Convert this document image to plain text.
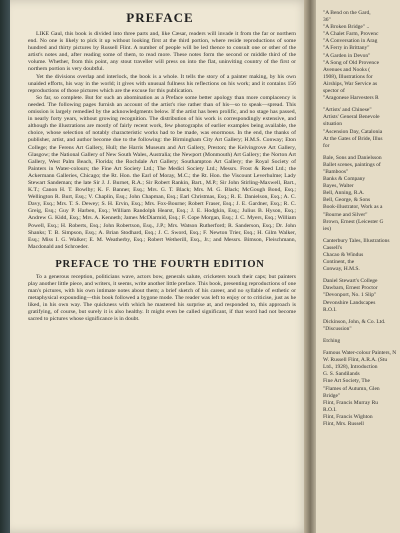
PREFACE
LIKE Gaul, this book is divided into three parts and, like Cæsar, readers will invade it from the far or northern end. No one is likely to pick it up without looking first at the third portion, where reside reproductions of some hundred and thirty pictures by Russell Flint. A number of people will be led thence to consult one or other of the artist's notes and, after reading some of them, to read more. These notes form the second or middle third of the volume. Whether, from this point, any stout traveller will press on into the flat, uninviting country of the first or northern portion is very doubtful.
Yet the divisions overlap and interlock, the book is a whole. It tells the story of a painter making, by his own unaided efforts, his way in the world; it gives with unusual fullness his reflections on his work; and it contains 156 reproductions of those pictures which are the excuse for this publication.
So far, so complete. But for such an abomination as a Preface some better apology than more complacency is needed. The following pages furnish an account of the artist's rise rather than of his—so to speak—spread. This omission is largely remedied by the acknowledgments below. If the artist has been prolific, and no stage has passed, in nearly forty years, without growing recognition. The distribution of his work is correspondingly extensive, and although the illustrations are mostly of fairly recent work, few photographs of earlier examples being available, the choice, whose selection of notably characteristic works had to be made, was enormous. In the end, the thanks of publisher, artist, and author become due to the following: the Birmingham City Art Gallery; H.M.S. Conway; Eton College; the Ferens Art Gallery, Hull; the Harris Museum and Art Gallery, Preston; the Kelvingrove Art Gallery, Glasgow; the National Gallery of New South Wales, Australia; the Newport (Monmouth) Art Gallery; the Norton Art Gallery, West Palm Beach, Florida; the Rochdale Art Gallery; Southampton Art Gallery; the Royal Society of Painters in Water-colours; the Fine Art Society Ltd.; The Medici Society Ltd.; Messrs. Frost & Reed Ltd.; the Ackermann Galleries, Chicago; the Rt. Hon. the Earl of Moray, M.C.; the Rt. Hon. the Viscount Leverhulme; Lady Stewart Sandeman; the late Sir J. J. Burnet, R.A.; Sir Robert Rankin, Bart., M.P.; Sir John Stirling-Maxwell, Bart., K.T.; Canon H. T. Bowlby; K. F. Banner, Esq.; Mrs. G. T. Black; Mrs. M. G. Black; McGough Bond, Esq.; Wellington R. Burt, Esq.; V. Chaplin, Esq.; John Chapman, Esq.; Earl Christmas, Esq.; R. E. Danielson, Esq.; A. C. Davy, Esq.; Mrs. T. S. Dewey; S. H. Ervin, Esq.; Mrs. Fox-Bourne; Robert Fraser, Esq.; J. E. Gardner, Esq.; R. C. Greig, Esq.; Guy P. Harben, Esq.; William Randolph Hearst, Esq.; J. E. Hodgkin, Esq.; Julius B. Hyson, Esq.; Andrew G. Kidd, Esq.; Mrs. A. Kenneth; James McDiarmid, Esq.; F. Cope Morgan, Esq.; J. C. Myers, Esq.; William Powell, Esq.; H. Roberts, Esq.; John Robertson, Esq., J.P.; Mrs. Watson Rutherford; R. Sanderson, Esq.; Dr. John Shanks; T. B. Simpson, Esq.; A. Brian Stodhard, Esq.; J. C. Sword, Esq.; F. Newton Trier, Esq.; H. Gilm Walker, Esq.; Miss I. G. Walker; E. M. Weatherby, Esq.; Robert Wetherill, Esq., Jr.; and Messrs. Bimson, Fleischmann, Macdonald and Schroeder.
PREFACE TO THE FOURTH EDITION
To a generous reception, politicians wave, actors bow, generals salute, cricketers touch their caps; but painters play another little piece, and writers, it seems, write another little preface. This book, presenting reproductions of one man's pictures, with his own intimate notes about them; a brief sketch of his career, and no syllable of esthetic or metaphysical expounding—this book followed a bygone mode. The reader was left to enjoy or to criticise, just as he liked, in his own way. The quickness with which he mastered his surprise at, and responded to, this approach is gratifying, of course, but surely it is also healthy. It might even be called significant, if that word had not become sacred to pictures whose significance is in doubt.
"A Bend on the Gard,
36"
"A Broken Bridge" ..
"A Chalet Farm, Provenc
"A Conversation in Arag
"A Ferry in Brittany"
"A Garden in Devon"
"A Song of Old Provence
Avenues and Nooks (
1908), Illustrations for
Airships, War Service as
spector of
"Aragonese Harvesters R
"Artists' and Chinese"
Artists' General Benevole
situation
"Ascension Day, Catalonia
At the Gates of Bride, Illus
for
Bale, Sons and Danielsson
Ballet scenes, paintings of
"Bamboos"
Banks & Company
Bayes, Walter
Bell, Anning, R.A.
Bell, George, & Sons
Book-illustrator, Work as a
"Bourne and Silver"
Brown, Ernest (Leicester G
ies)
Canterbury Tales, Illustrations
Cassell's
Chacao & Windus
Continent, the
Conway, H.M.S.
Daniel Stewart's College
Dawbarn, Ernest Proctor
"Devonport, No. 1 Slip"
Devonshire Landscapes
R.O.I.
Dickinson, John, & Co. Ltd.
"Discussion"
Etching
Famous Water-colour Painters, N
W. Russell Flint, A.R.A. (Stu
Ltd., 1928), Introduction
G. S. Sandilands
Fine Art Society, The
"Flames of Autumn, Glen
Bridge"
Flint, Francis Murray Ru
R.O.I.
Flint, Francis Wighton
Flint, Mrs. Russell
